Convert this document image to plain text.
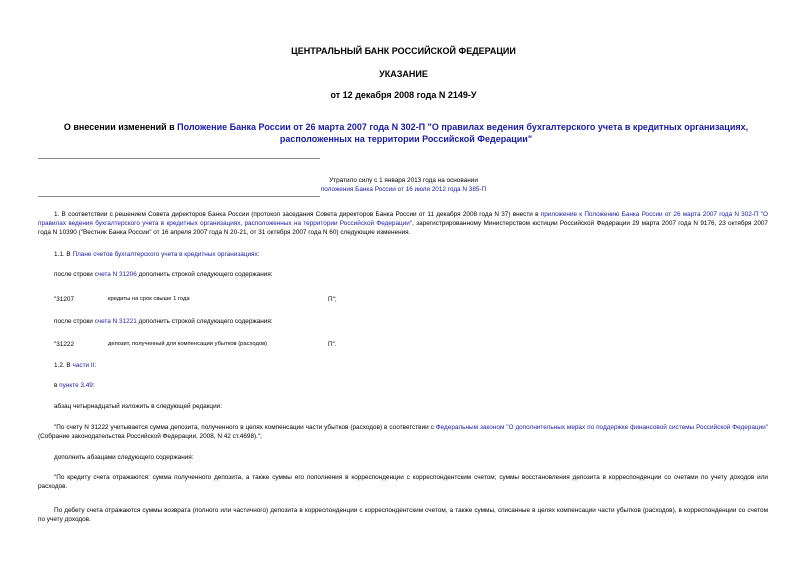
ЦЕНТРАЛЬНЫЙ БАНК РОССИЙСКОЙ ФЕДЕРАЦИИ
УКАЗАНИЕ
от 12 декабря 2008 года N 2149-У
О внесении изменений в Положение Банка России от 26 марта 2007 года N 302-П "О правилах ведения бухгалтерского учета в кредитных организациях, расположенных на территории Российской Федерации"
Утратило силу с 1 января 2013 года на основании
положения Банка России от 16 июля 2012 года N 385-П
1. В соответствии с решением Совета директоров Банка России (протокол заседания Совета директоров Банка России от 11 декабря 2008 года N 37) внести в приложение к Положению Банка России от 26 марта 2007 года N 302-П "О правилах ведения бухгалтерского учета в кредитных организациях, расположенных на территории Российской Федерации", зарегистрированному Министерством юстиции Российской Федерации 29 марта 2007 года N 9176, 23 октября 2007 года N 10390 ("Вестник Банка России" от 16 апреля 2007 года N 20-21, от 31 октября 2007 года N 60) следующие изменения.
1.1. В Плане счетов бухгалтерского учета в кредитных организациях:
после строки счета N 31206 дополнить строкой следующего содержания:
"31207	кредиты на срок свыше 1 года	П";
после строки счета N 31221 дополнить строкой следующего содержания:
"31222	депозит, полученный для компенсации убытков (расходов)	П".
1.2. В части II:
в пункте 3.49:
абзац четырнадцатый изложить в следующей редакции:
"По счету N 31222 учитывается сумма депозита, полученного в целях компенсации части убытков (расходов) в соответствии с Федеральным законом "О дополнительных мерах по поддержке финансовой системы Российской Федерации" (Собрание законодательства Российской Федерации, 2008, N 42 ст.4698).";
дополнить абзацами следующего содержания:
"По кредиту счета отражаются: сумма полученного депозита, а также суммы его пополнения в корреспонденции с корреспондентским счетом; суммы восстановления депозита в корреспонденции со счетами по учету доходов или расходов.
По дебету счета отражаются суммы возврата (полного или частичного) депозита в корреспонденции с корреспондентским счетом, а также суммы, списанные в целях компенсации части убытков (расходов), в корреспонденции со счетом по учету доходов.
